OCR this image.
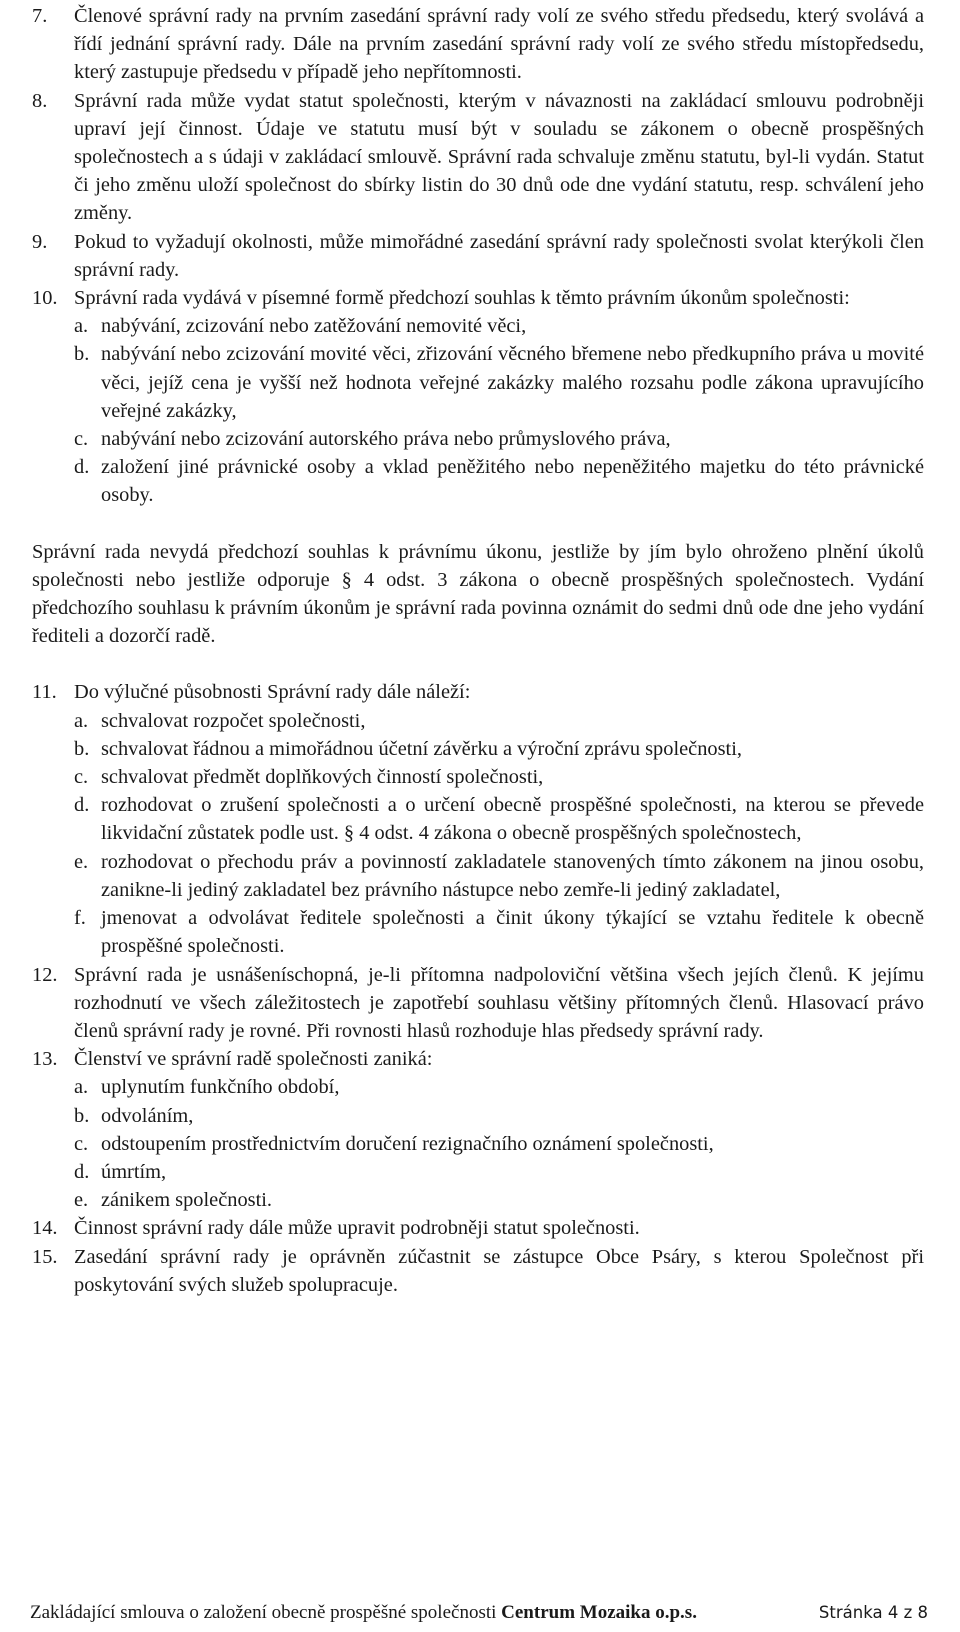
7.	Členové správní rady na prvním zasedání správní rady volí ze svého středu předsedu, který svolává a řídí jednání správní rady. Dále na prvním zasedání správní rady volí ze svého středu místopředsedu, který zastupuje předsedu v případě jeho nepřítomnosti.
8.	Správní rada může vydat statut společnosti, kterým v návaznosti na zakládací smlouvu podrobněji upraví její činnost. Údaje ve statutu musí být v souladu se zákonem o obecně prospěšných společnostech a s údaji v zakládací smlouvě. Správní rada schvaluje změnu statutu, byl-li vydán. Statut či jeho změnu uloží společnost do sbírky listin do 30 dnů ode dne vydání statutu, resp. schválení jeho změny.
9.	Pokud to vyžadují okolnosti, může mimořádné zasedání správní rady společnosti svolat kterýkoli člen správní rady.
10. Správní rada vydává v písemné formě předchozí souhlas k těmto právním úkonům společnosti:
a. nabývání, zcizování nebo zatěžování nemovité věci,
b. nabývání nebo zcizování movité věci, zřizování věcného břemene nebo předkupního práva u movité věci, jejíž cena je vyšší než hodnota veřejné zakázky malého rozsahu podle zákona upravujícího veřejné zakázky,
c. nabývání nebo zcizování autorského práva nebo průmyslového práva,
d. založení jiné právnické osoby a vklad peněžitého nebo nepeněžitého majetku do této právnické osoby.
Správní rada nevydá předchozí souhlas k právnímu úkonu, jestliže by jím bylo ohroženo plnění úkolů společnosti nebo jestliže odporuje § 4 odst. 3 zákona o obecně prospěšných společnostech. Vydání předchozího souhlasu k právním úkonům je správní rada povinna oznámit do sedmi dnů ode dne jeho vydání řediteli a dozorčí radě.
11. Do výlučné působnosti Správní rady dále náleží:
a. schvalovat rozpočet společnosti,
b. schvalovat řádnou a mimořádnou účetní závěrku a výroční zprávu společnosti,
c. schvalovat předmět doplňkových činností společnosti,
d. rozhodovat o zrušení společnosti a o určení obecně prospěšné společnosti, na kterou se převede likvidační zůstatek podle ust. § 4 odst. 4 zákona o obecně prospěšných společnostech,
e. rozhodovat o přechodu práv a povinností zakladatele stanovených tímto zákonem na jinou osobu, zanikne-li jediný zakladatel bez právního nástupce nebo zemře-li jediný zakladatel,
f. jmenovat a odvolávat ředitele společnosti a činit úkony týkající se vztahu ředitele k obecně prospěšné společnosti.
12. Správní rada je usnášeníschopná, je-li přítomna nadpoloviční většina všech jejích členů. K jejímu rozhodnutí ve všech záležitostech je zapotřebí souhlasu většiny přítomných členů. Hlasovací právo členů správní rady je rovné. Při rovnosti hlasů rozhoduje hlas předsedy správní rady.
13. Členství ve správní radě společnosti zaniká:
a. uplynutím funkčního období,
b. odvoláním,
c. odstoupením prostřednictvím doručení rezignačního oznámení společnosti,
d. úmrtím,
e. zánikem společnosti.
14. Činnost správní rady dále může upravit podrobněji statut společnosti.
15. Zasedání správní rady je oprávněn zúčastnit se zástupce Obce Psáry, s kterou Společnost při poskytování svých služeb spolupracuje.
Zakládající smlouva o založení obecně prospěšné společnosti Centrum Mozaika o.p.s.	Stránka 4 z 8
